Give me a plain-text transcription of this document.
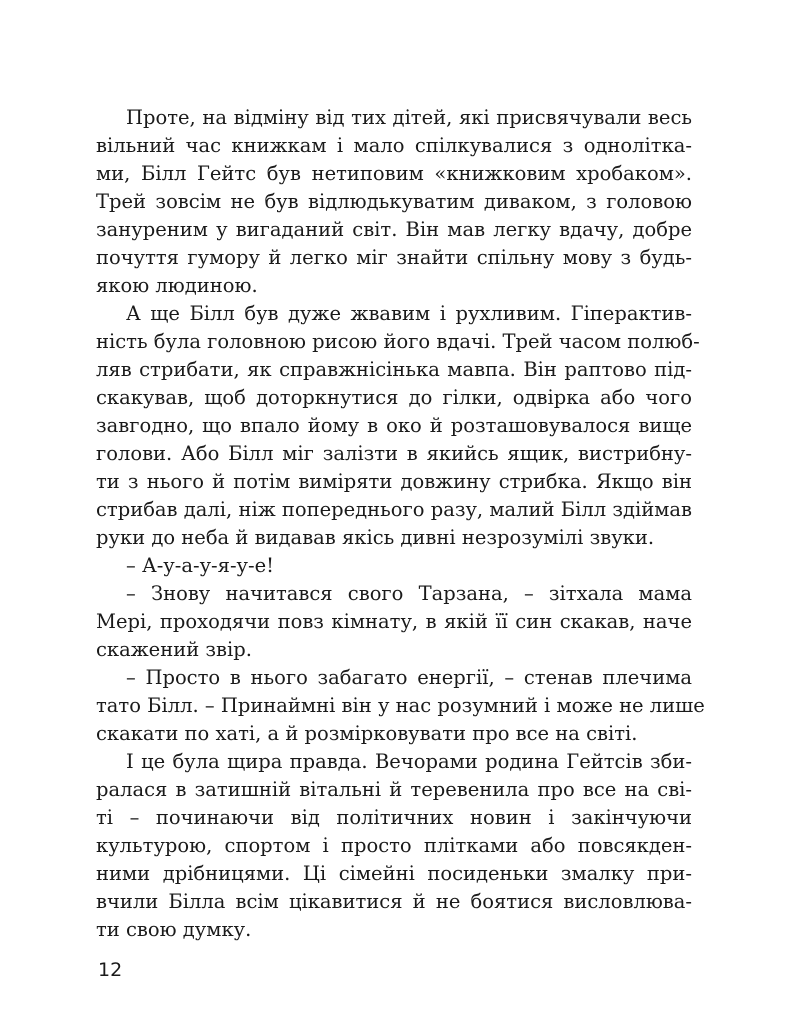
Проте, на відміну від тих дітей, які присвячували весь
вільний час книжкам і мало спілкувалися з однолітка-
ми, Білл Гейтс був нетиповим «книжковим хробаком».
Трей зовсім не був відлюдькуватим диваком, з головою
зануреним у вигаданий світ. Він мав легку вдачу, добре
почуття гумору й легко міг знайти спільну мову з будь-
якою людиною.
А ще Білл був дуже жвавим і рухливим. Гіперактив-
ність була головною рисою його вдачі. Трей часом полюб-
ляв стрибати, як справжнісінька мавпа. Він раптово під-
скакував, щоб доторкнутися до гілки, одвірка або чого
завгодно, що впало йому в око й розташовувалося вище
голови. Або Білл міг залізти в якийсь ящик, вистрибну-
ти з нього й потім виміряти довжину стрибка. Якщо він
стрибав далі, ніж попереднього разу, малий Білл здіймав
руки до неба й видавав якісь дивні незрозумілі звуки.
– А-у-а-у-я-у-е!
– Знову начитався свого Тарзана, – зітхала мама
Мері, проходячи повз кімнату, в якій її син скакав, наче
скажений звір.
– Просто в нього забагато енергії, – стенав плечима
тато Білл. – Принаймні він у нас розумний і може не лише
скакати по хаті, а й розмірковувати про все на світі.
І це була щира правда. Вечорами родина Гейтсів зби-
ралася в затишній вітальні й теревенила про все на сві-
ті – починаючи від політичних новин і закінчуючи
культурою, спортом і просто плітками або повсякден-
ними дрібницями. Ці сімейні посиденьки змалку при-
вчили Білла всім цікавитися й не боятися висловлюва-
ти свою думку.
12
